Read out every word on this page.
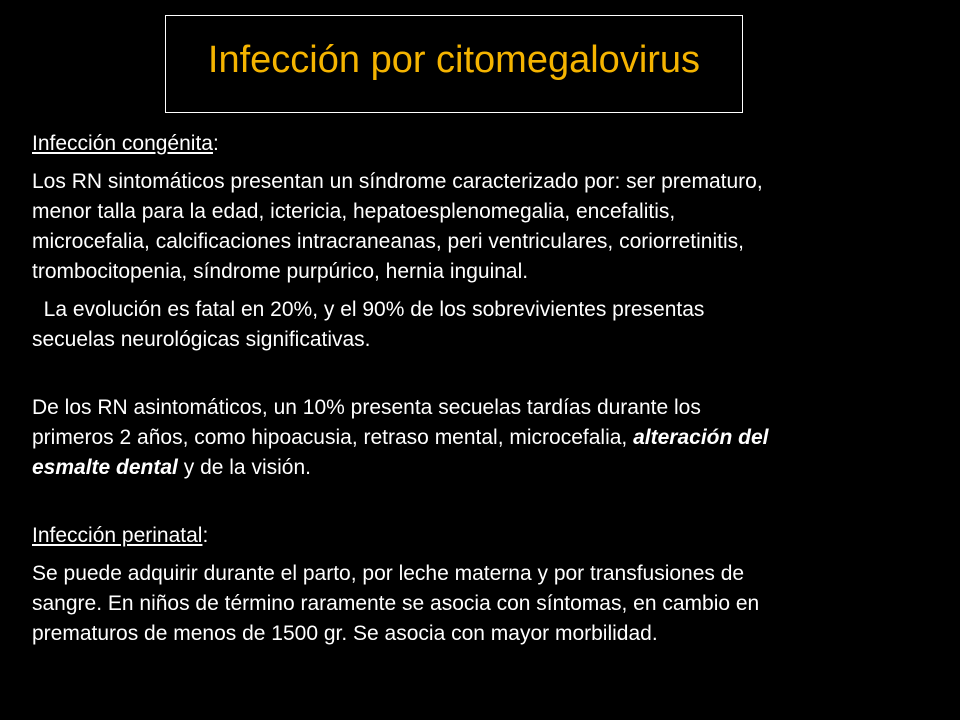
Infección por citomegalovirus
Infección congénita:
Los RN sintomáticos presentan un síndrome caracterizado por: ser prematuro,
menor talla para la edad, ictericia, hepatoesplenomegalia, encefalitis,
microcefalia, calcificaciones intracraneanas, peri ventriculares, coriorretinitis,
trombocitopenia, síndrome purpúrico, hernia inguinal.
La evolución es fatal en 20%, y el 90% de los sobrevivientes presentas
secuelas neurológicas significativas.
De los RN asintomáticos, un 10% presenta secuelas tardías durante los
primeros 2 años, como hipoacusia, retraso mental, microcefalia, alteración del
esmalte dental y de la visión.
Infección perinatal:
Se puede adquirir durante el parto, por leche materna y por transfusiones de
sangre. En niños de término raramente se asocia con síntomas, en cambio en
prematuros de menos de 1500 gr. Se asocia con mayor morbilidad.
